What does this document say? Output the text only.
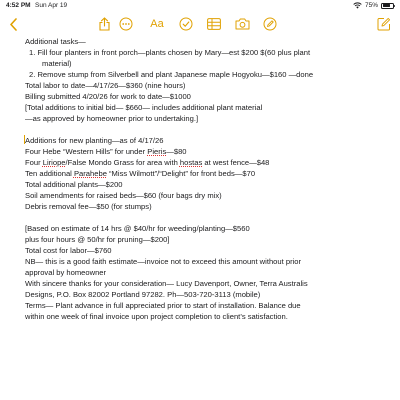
4:52 PM Sun Apr 19	75%
Aa
Additional tasks—
1. Fill four planters in front porch—plants chosen by Mary—est $200 $(60 plus plant
material)
2. Remove stump from Silverbell and plant Japanese maple Hogyoku—$160 —done
Total labor to date—4/17/26—$360 (nine hours)
Billing submitted 4/20/26 for work to date—$1000
[Total additions to initial bid— $660— includes additional plant material
—as approved by homeowner prior to undertaking.]
Additions for new planting—as of 4/17/26
Four Hebe “Western Hills” for under Pieris—$80
Four Liriope/False Mondo Grass for area with hostas at west fence—$48
Ten additional Parahebe “Miss Wilmott”/“Delight” for front beds—$70
Total additional plants—$200
Soil amendments for raised beds—$60 (four bags dry mix)
Debris removal fee—$50 (for stumps)
[Based on estimate of 14 hrs @ $40/hr for weeding/planting—$560
plus four hours @ 50/hr for pruning—$200]
Total cost for labor—$760
NB— this is a good faith estimate—invoice not to exceed this amount without prior
approval by homeowner
With sincere thanks for your consideration— Lucy Davenport, Owner, Terra Australis
Designs, P.O. Box 82002 Portland 97282. Ph—503-720-3113 (mobile)
Terms— Plant advance in full appreciated prior to start of installation. Balance due
within one week of final invoice upon project completion to client’s satisfaction.
